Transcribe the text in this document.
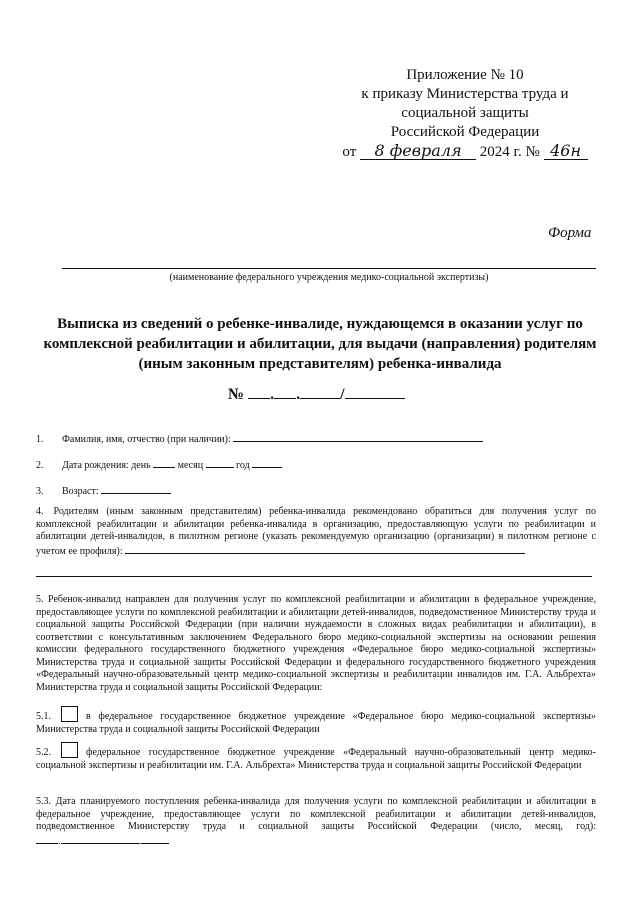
Приложение № 10
к приказу Министерства труда и
социальной защиты
Российской Федерации
от 8 февраля 2024 г. № 46н
Форма
(наименование федерального учреждения медико-социальной экспертизы)
Выписка из сведений о ребенке-инвалиде, нуждающемся в оказании услуг по комплексной реабилитации и абилитации, для выдачи (направления) родителям (иным законным представителям) ребенка-инвалида
№ . .	/
1. Фамилия, имя, отчество (при наличии):
2. Дата рождения: день	месяц	год
3. Возраст:
4. Родителям (иным законным представителям) ребенка-инвалида рекомендовано обратиться для получения услуг по комплексной реабилитации и абилитации ребенка-инвалида в организацию, предоставляющую услуги по реабилитации и абилитации детей-инвалидов, в пилотном регионе (указать рекомендуемую организацию (организации) в пилотном регионе с учетом ее профиля):
5. Ребенок-инвалид направлен для получения услуг по комплексной реабилитации и абилитации в федеральное учреждение, предоставляющее услуги по комплексной реабилитации и абилитации детей-инвалидов, подведомственное Министерству труда и социальной защиты Российской Федерации (при наличии нуждаемости в сложных видах реабилитации и абилитации), в соответствии с консультативным заключением Федерального бюро медико-социальной экспертизы на основании решения комиссии федерального государственного бюджетного учреждения «Федеральное бюро медико-социальной экспертизы» Министерства труда и социальной защиты Российской Федерации и федерального государственного бюджетного учреждения «Федеральный научно-образовательный центр медико-социальной экспертизы и реабилитации инвалидов им. Г.А. Альбрехта» Министерства труда и социальной защиты Российской Федерации:
5.1.	в федеральное государственное бюджетное учреждение «Федеральное бюро медико-социальной экспертизы» Министерства труда и социальной защиты Российской Федерации
5.2.	федеральное государственное бюджетное учреждение «Федеральный научно-образовательный центр медико-социальной экспертизы и реабилитации им. Г.А. Альбрехта» Министерства труда и социальной защиты Российской Федерации
5.3. Дата планируемого поступления ребенка-инвалида для получения услуги по комплексной реабилитации и абилитации в федеральное учреждение, предоставляющее услуги по комплексной реабилитации и абилитации детей-инвалидов, подведомственное Министерству труда и социальной защиты Российской Федерации (число, месяц, год): .	.
